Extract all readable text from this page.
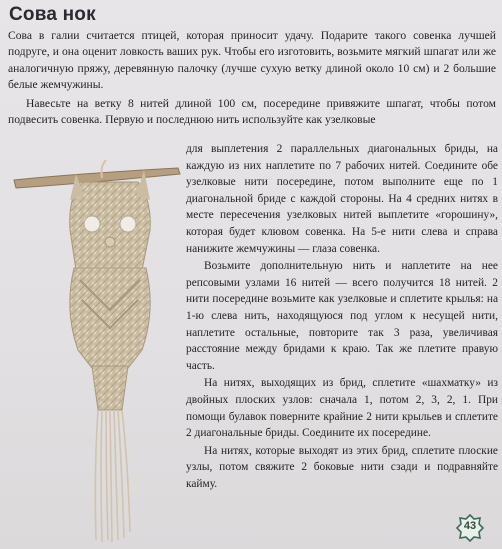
Сова нок

Сова в галии считается птицей, которая приносит удачу. Подарите такого совенка лучшей подруге, и она оценит ловкость ваших рук. Чтобы его изготовить, возьмите мягкий шпагат или же аналогичную пряжу, деревянную палочку (лучше сухую ветку длиной около 10 см) и 2 большие белые жемчужины.

Навесьте на ветку 8 нитей длиной 100 см, посередине привяжите шпагат, чтобы потом подвесить совенка. Первую и последнюю нить используйте как узелковые

для выплетения 2 параллельных диагональных бриды, на каждую из них наплетите по 7 рабочих нитей. Соедините обе узелковые нити посередине, потом выполните еще по 1 диагональной бриде с каждой стороны. На 4 средних нитях в месте пересечения узелковых нитей выплетите «горошину», которая будет клювом совенка. На 5-е нити слева и справа нанижите жемчужины — глаза совенка.

Возьмите дополнительную нить и наплетите на нее репсовыми узлами 16 нитей — всего получится 18 нитей. 2 нити посередине возьмите как узелковые и сплетите крылья: на 1-ю слева нить, находящуюся под углом к несущей нити, наплетите остальные, повторите так 3 раза, увеличивая расстояние между бридами к краю. Так же плетите правую часть.

На нитях, выходящих из брид, сплетите «шахматку» из двойных плоских узлов: сначала 1, потом 2, 3, 2, 1. При помощи булавок поверните крайние 2 нити крыльев и сплетите 2 диагональные бриды. Соедините их посередине.

На нитях, которые выходят из этих брид, сплетите плоские узлы, потом свяжите 2 боковые нити сзади и подравняйте кайму.

43
